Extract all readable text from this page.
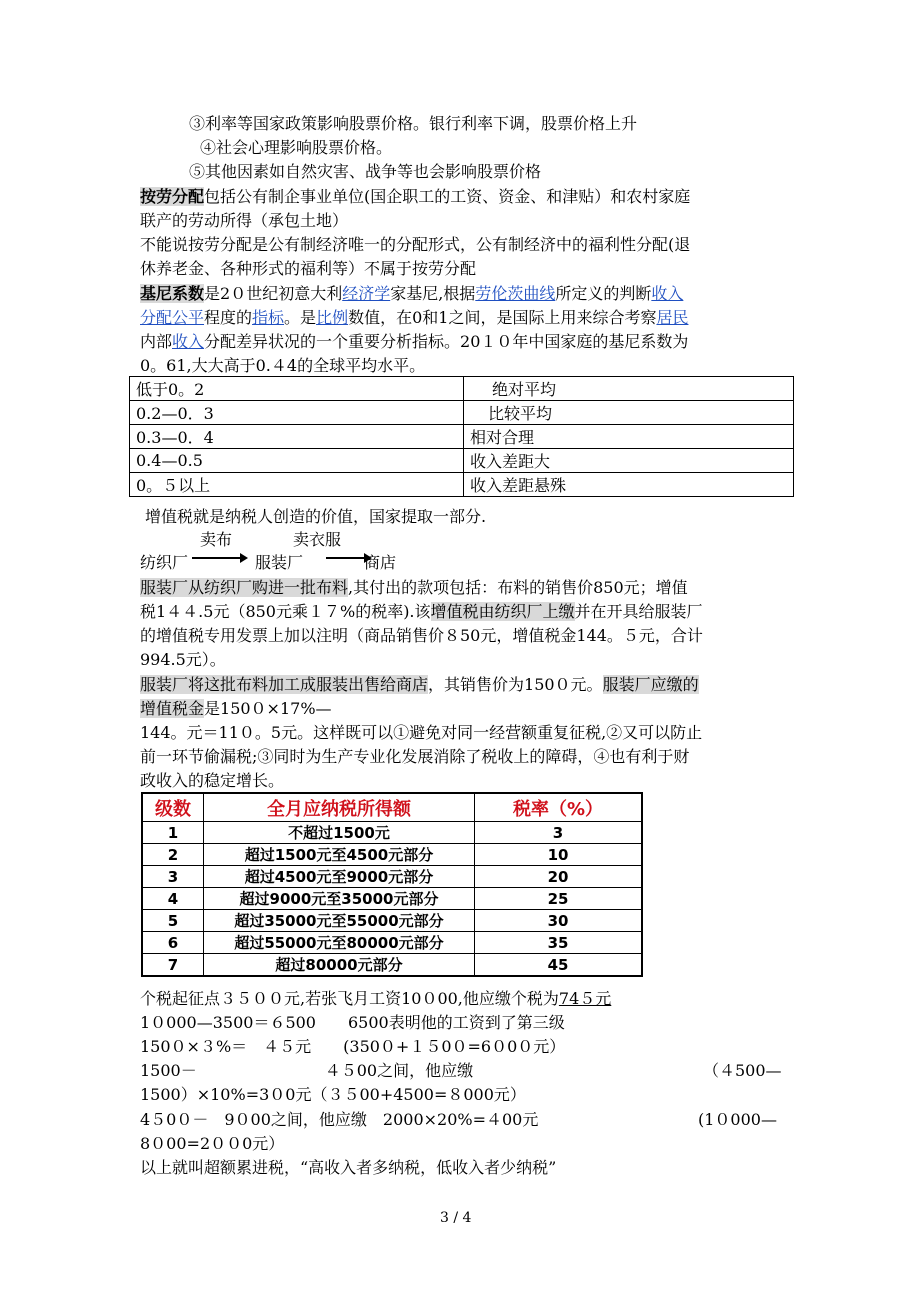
③利率等国家政策影响股票价格。银行利率下调，股票价格上升
④社会心理影响股票价格。
⑤其他因素如自然灾害、战争等也会影响股票价格
按劳分配包括公有制企事业单位(国企职工的工资、资金、和津贴）和农村家庭
联产的劳动所得（承包土地）
不能说按劳分配是公有制经济唯一的分配形式，公有制经济中的福利性分配(退
休养老金、各种形式的福利等）不属于按劳分配
基尼系数是2０世纪初意大利经济学家基尼,根据劳伦茨曲线所定义的判断收入
分配公平程度的指标。是比例数值，在0和1之间，是国际上用来综合考察居民
内部收入分配差异状况的一个重要分析指标。20１０年中国家庭的基尼系数为
0。61,大大高于0.４4的全球平均水平。
低于0。2	绝对平均
0.2—0．3	比较平均
0.3—0．4	相对合理
0.4—0.5	收入差距大
0。５以上	收入差距悬殊
增值税就是纳税人创造的价值，国家提取一部分.
卖布	卖衣服
纺织厂	服装厂	商店
服装厂从纺织厂购进一批布料,其付出的款项包括：布料的销售价850元；增值
税1４４.5元（850元乘１７%的税率).该增值税由纺织厂上缴并在开具给服装厂
的增值税专用发票上加以注明（商品销售价８50元，增值税金144。５元，合计
994.5元）。
服装厂将这批布料加工成服装出售给商店，其销售价为150０元。服装厂应缴的
增值税金是150０×17%—
144。元＝11０。5元。这样既可以①避免对同一经营额重复征税,②又可以防止
前一环节偷漏税;③同时为生产专业化发展消除了税收上的障碍，④也有利于财
政收入的稳定增长。
级数	全月应纳税所得额	税率（%）
1	不超过1500元	3
2	超过1500元至4500元部分	10
3	超过4500元至9000元部分	20
4	超过9000元至35000元部分	25
5	超过35000元至55000元部分	30
6	超过55000元至80000元部分	35
7	超过80000元部分	45
个税起征点３５００元,若张飞月工资10０00,他应缴个税为74５元
1０000—3500＝６500　　6500表明他的工资到了第三级
150０×３%＝　４５元　　(350０+１５0０=6０0０元）
1500－　　　　　　　　４５00之间，他应缴	（４500—
1500）×10%=3０0元（３５00+4500=８000元）
4５0０－　9０00之间，他应缴　2000×20%=４00元	(1０000—
8０00=2００0元）
以上就叫超额累进税，“高收入者多纳税，低收入者少纳税”
3 / 4
